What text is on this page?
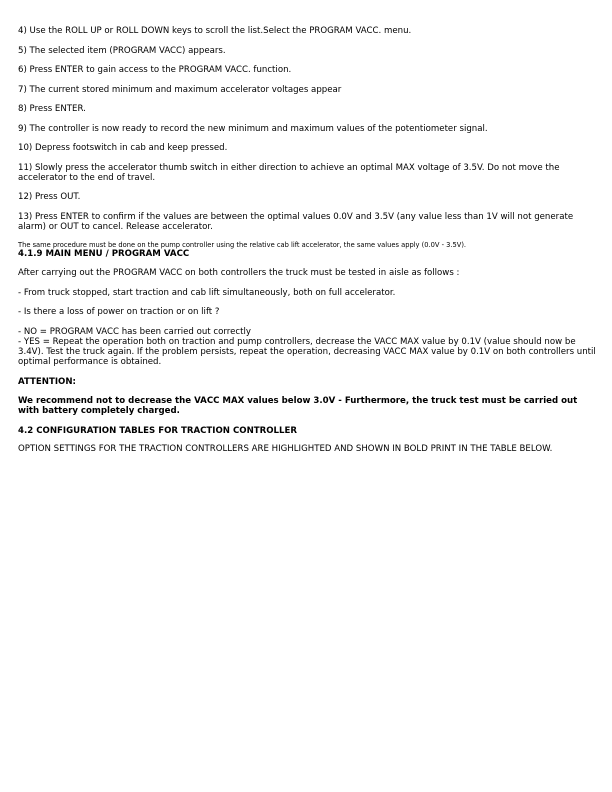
4) Use the ROLL UP or ROLL DOWN keys to scroll the list.Select the PROGRAM VACC. menu.

5) The selected item (PROGRAM VACC) appears.

6) Press ENTER to gain access to the PROGRAM VACC. function.

7) The current stored minimum and maximum accelerator voltages appear

8) Press ENTER.

9) The controller is now ready to record the new minimum and maximum values of the potentiometer signal.

10) Depress footswitch in cab and keep pressed.

11) Slowly press the accelerator thumb switch in either direction to achieve an optimal MAX voltage of 3.5V. Do not move the accelerator to the end of travel.

12) Press OUT.

13) Press ENTER to confirm if the values are between the optimal values 0.0V and 3.5V (any value less than 1V will not generate alarm) or OUT to cancel. Release accelerator.

The same procedure must be done on the pump controller using the relative cab lift accelerator, the same values apply (0.0V - 3.5V).

4.1.9 MAIN MENU / PROGRAM VACC

After carrying out the PROGRAM VACC on both controllers the truck must be tested in aisle as follows :

- From truck stopped, start traction and cab lift simultaneously, both on full accelerator.

- Is there a loss of power on traction or on lift ?

- NO = PROGRAM VACC has been carried out correctly

- YES = Repeat the operation both on traction and pump controllers, decrease the VACC MAX value by 0.1V (value should now be 3.4V). Test the truck again. If the problem persists, repeat the operation, decreasing VACC MAX value by 0.1V on both controllers until optimal performance is obtained.

ATTENTION:

We recommend not to decrease the VACC MAX values below 3.0V - Furthermore, the truck test must be carried out with battery completely charged.

4.2 CONFIGURATION TABLES FOR TRACTION CONTROLLER

OPTION SETTINGS FOR THE TRACTION CONTROLLERS ARE HIGHLIGHTED AND SHOWN IN BOLD PRINT IN THE TABLE BELOW.
